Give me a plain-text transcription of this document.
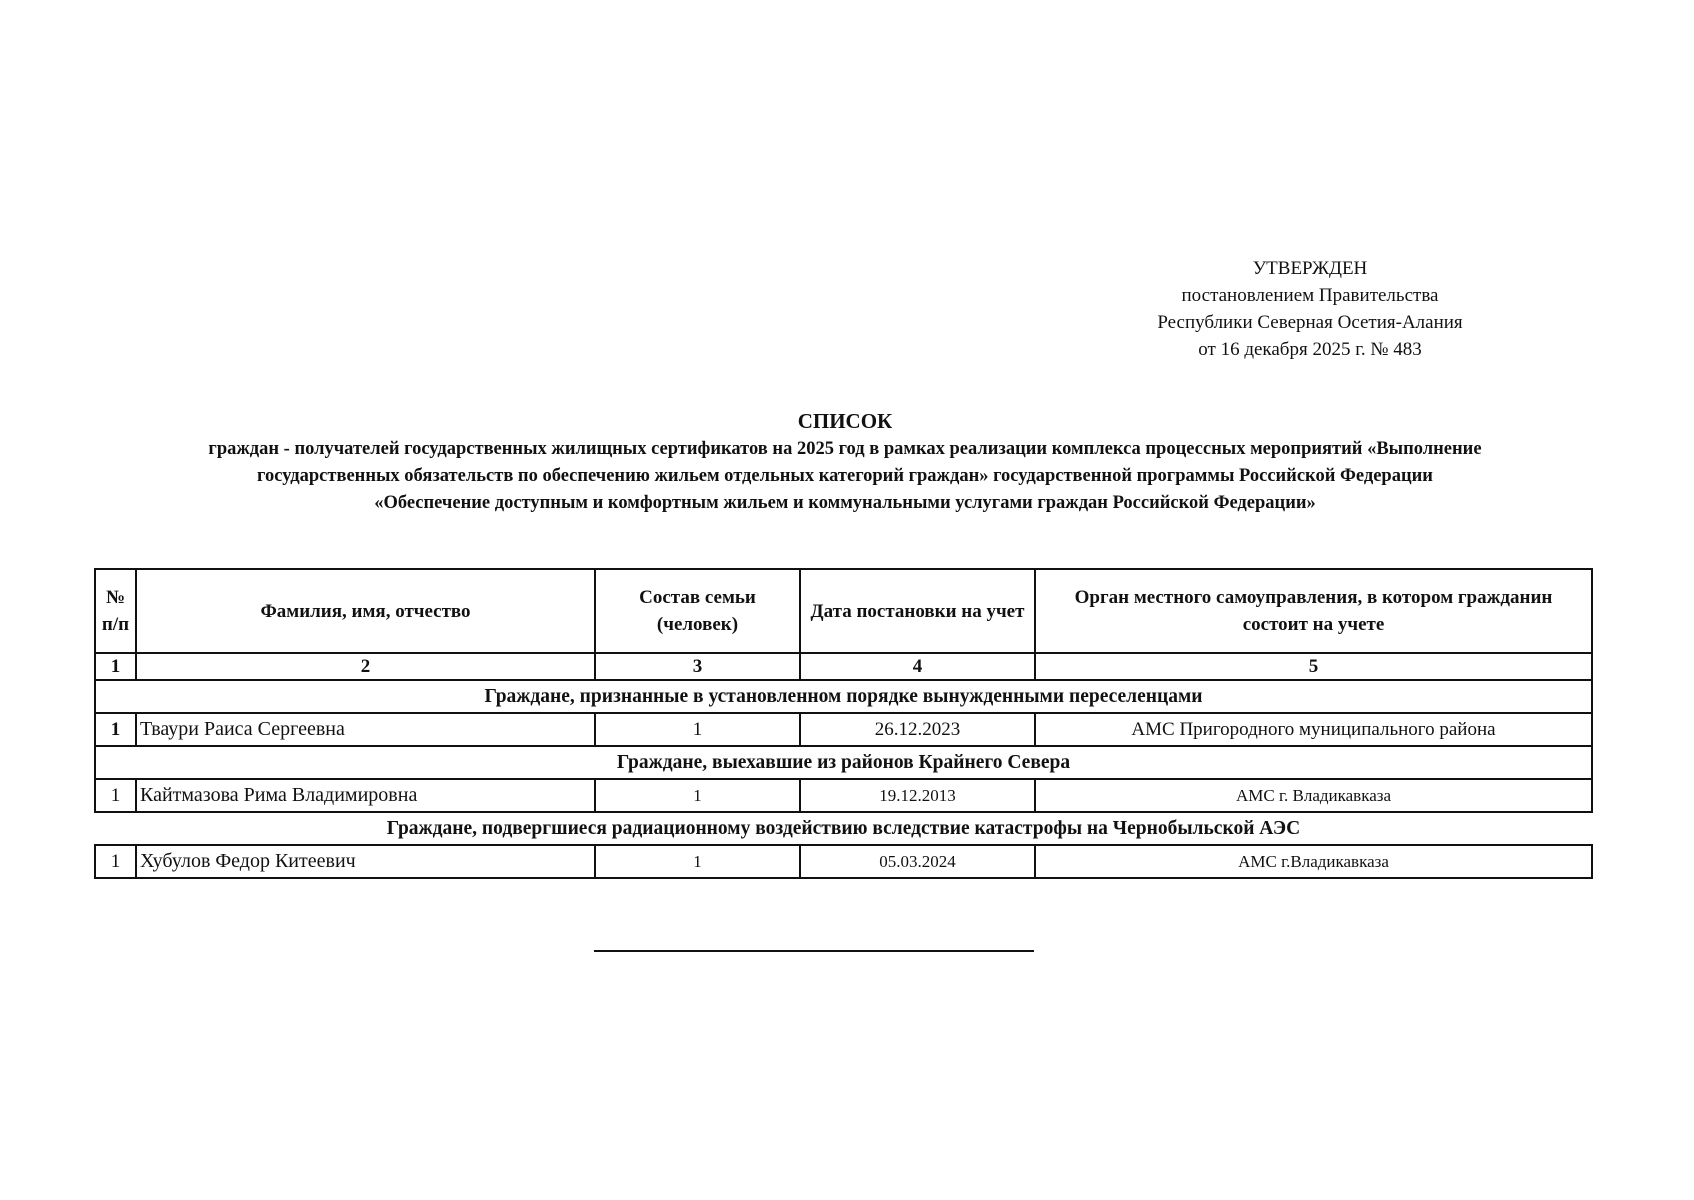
УТВЕРЖДЕН
постановлением Правительства
Республики Северная Осетия-Алания
от 16 декабря 2025 г. № 483
СПИСОК
граждан - получателей государственных жилищных сертификатов на 2025 год в рамках реализации комплекса процессных мероприятий «Выполнение
государственных обязательств по обеспечению жильем отдельных категорий граждан» государственной программы Российской Федерации
«Обеспечение доступным и комфортным жильем и коммунальными услугами граждан Российской Федерации»
№ п/п	Фамилия, имя, отчество	Состав семьи (человек)	Дата постановки на учет	Орган местного самоуправления, в котором гражданин состоит на учете
1	2	3	4	5
Граждане, признанные в установленном порядке вынужденными переселенцами				
1	Тваури Раиса Сергеевна	1	26.12.2023	АМС Пригородного муниципального района
Граждане, выехавшие из районов Крайнего Севера				
1	Кайтмазова Рима Владимировна	1	19.12.2013	АМС г. Владикавказа
Граждане, подвергшиеся радиационному воздействию вследствие катастрофы на Чернобыльской АЭС				
1	Хубулов Федор Китеевич	1	05.03.2024	АМС г.Владикавказа
